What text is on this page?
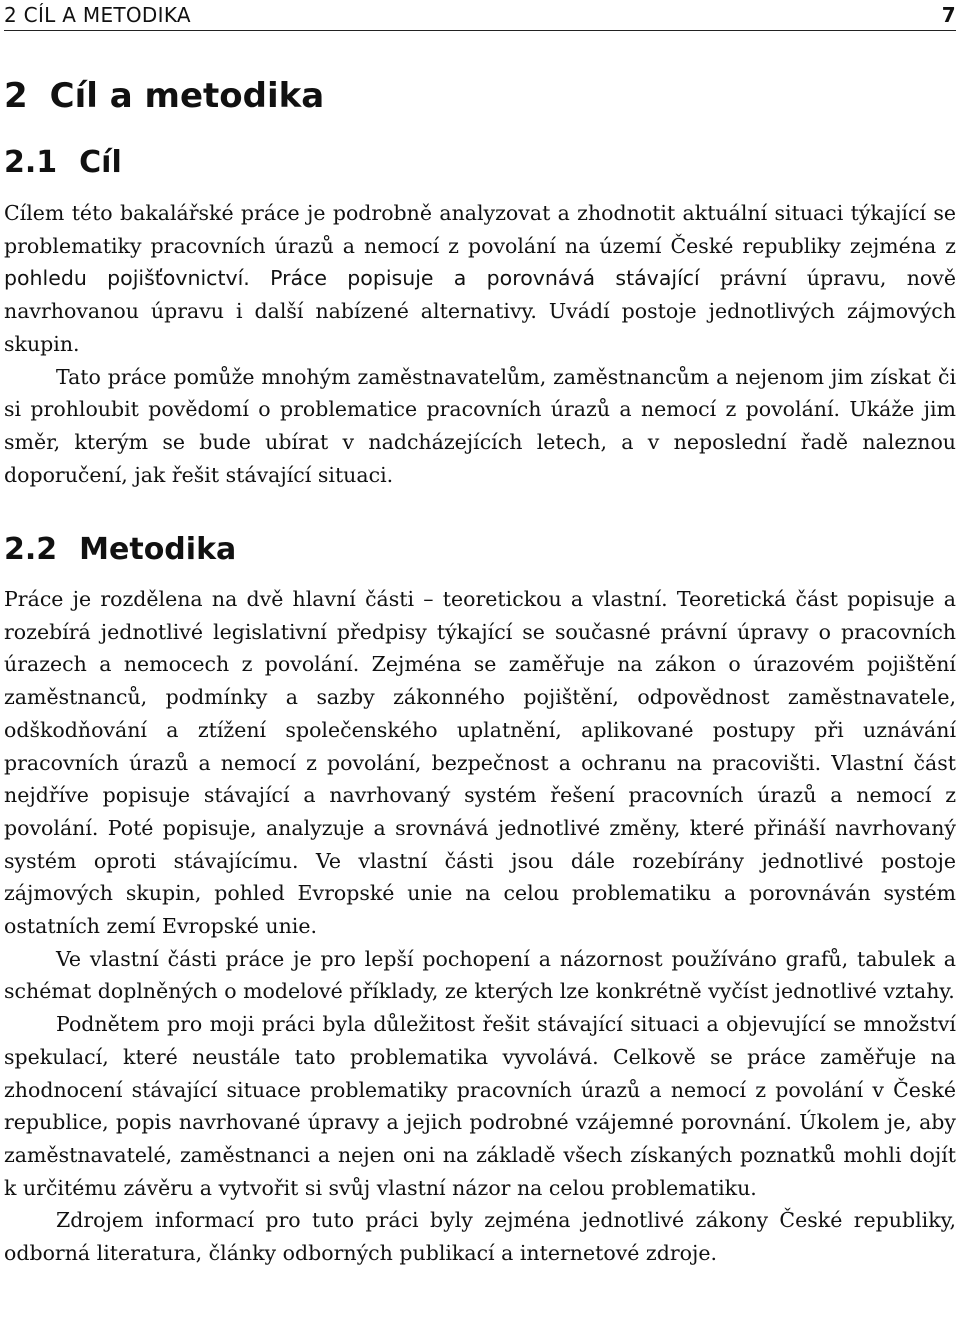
2 CÍL A METODIKA	7
2 Cíl a metodika
2.1 Cíl

Cílem této bakalářské práce je podrobně analyzovat a zhodnotit aktuální situaci týkající se problematiky pracovních úrazů a nemocí z povolání na území České republiky zejména z pohledu pojišťovnictví. Práce popisuje a porovnává stávající právní úpravu, nově navrhovanou úpravu i další nabízené alternativy. Uvádí postoje jednotlivých zájmových skupin.

Tato práce pomůže mnohým zaměstnavatelům, zaměstnancům a nejenom jim získat či si prohloubit povědomí o problematice pracovních úrazů a nemocí z povolání. Ukáže jim směr, kterým se bude ubírat v nadcházejících letech, a v neposlední řadě naleznou doporučení, jak řešit stávající situaci.

2.2 Metodika

Práce je rozdělena na dvě hlavní části – teoretickou a vlastní. Teoretická část popisuje a rozebírá jednotlivé legislativní předpisy týkající se současné právní úpravy o pracovních úrazech a nemocech z povolání. Zejména se zaměřuje na zákon o úrazovém pojištění zaměstnanců, podmínky a sazby zákonného pojištění, odpovědnost zaměstnavatele, odškodňování a ztížení společenského uplatnění, aplikované postupy při uznávání pracovních úrazů a nemocí z povolání, bezpečnost a ochranu na pracovišti. Vlastní část nejdříve popisuje stávající a navrhovaný systém řešení pracovních úrazů a nemocí z povolání. Poté popisuje, analyzuje a srovnává jednotlivé změny, které přináší navrhovaný systém oproti stávajícímu. Ve vlastní části jsou dále rozebírány jednotlivé postoje zájmových skupin, pohled Evropské unie na celou problematiku a porovnáván systém ostatních zemí Evropské unie.

Ve vlastní části práce je pro lepší pochopení a názornost používáno grafů, tabulek a schémat doplněných o modelové příklady, ze kterých lze konkrétně vyčíst jednotlivé vztahy.

Podnětem pro moji práci byla důležitost řešit stávající situaci a objevující se množství spekulací, které neustále tato problematika vyvolává. Celkově se práce zaměřuje na zhodnocení stávající situace problematiky pracovních úrazů a nemocí z povolání v České republice, popis navrhované úpravy a jejich podrobné vzájemné porovnání. Úkolem je, aby zaměstnavatelé, zaměstnanci a nejen oni na základě všech získaných poznatků mohli dojít k určitému závěru a vytvořit si svůj vlastní názor na celou problematiku.

Zdrojem informací pro tuto práci byly zejména jednotlivé zákony České republiky, odborná literatura, články odborných publikací a internetové zdroje.
